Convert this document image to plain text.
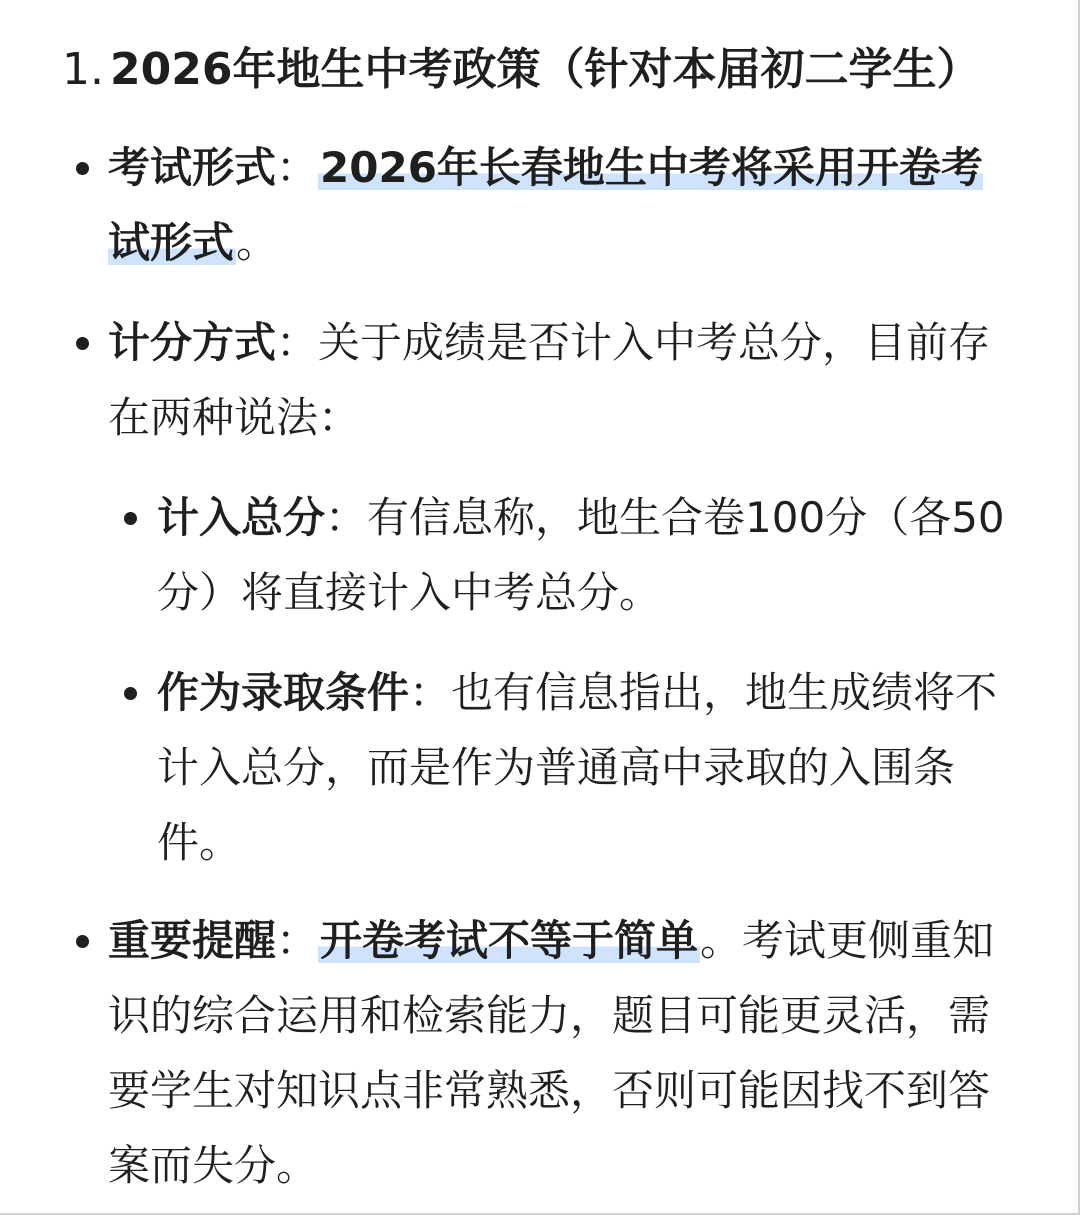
1. 2026年地生中考政策（针对本届初二学生）
考试形式：2026年长春地生中考将采用开卷考试形式。
计分方式：关于成绩是否计入中考总分，目前存在两种说法：
计入总分：有信息称，地生合卷100分（各50分）将直接计入中考总分。
作为录取条件：也有信息指出，地生成绩将不计入总分，而是作为普通高中录取的入围条件。
重要提醒：开卷考试不等于简单。考试更侧重知识的综合运用和检索能力，题目可能更灵活，需要学生对知识点非常熟悉，否则可能因找不到答案而失分。
